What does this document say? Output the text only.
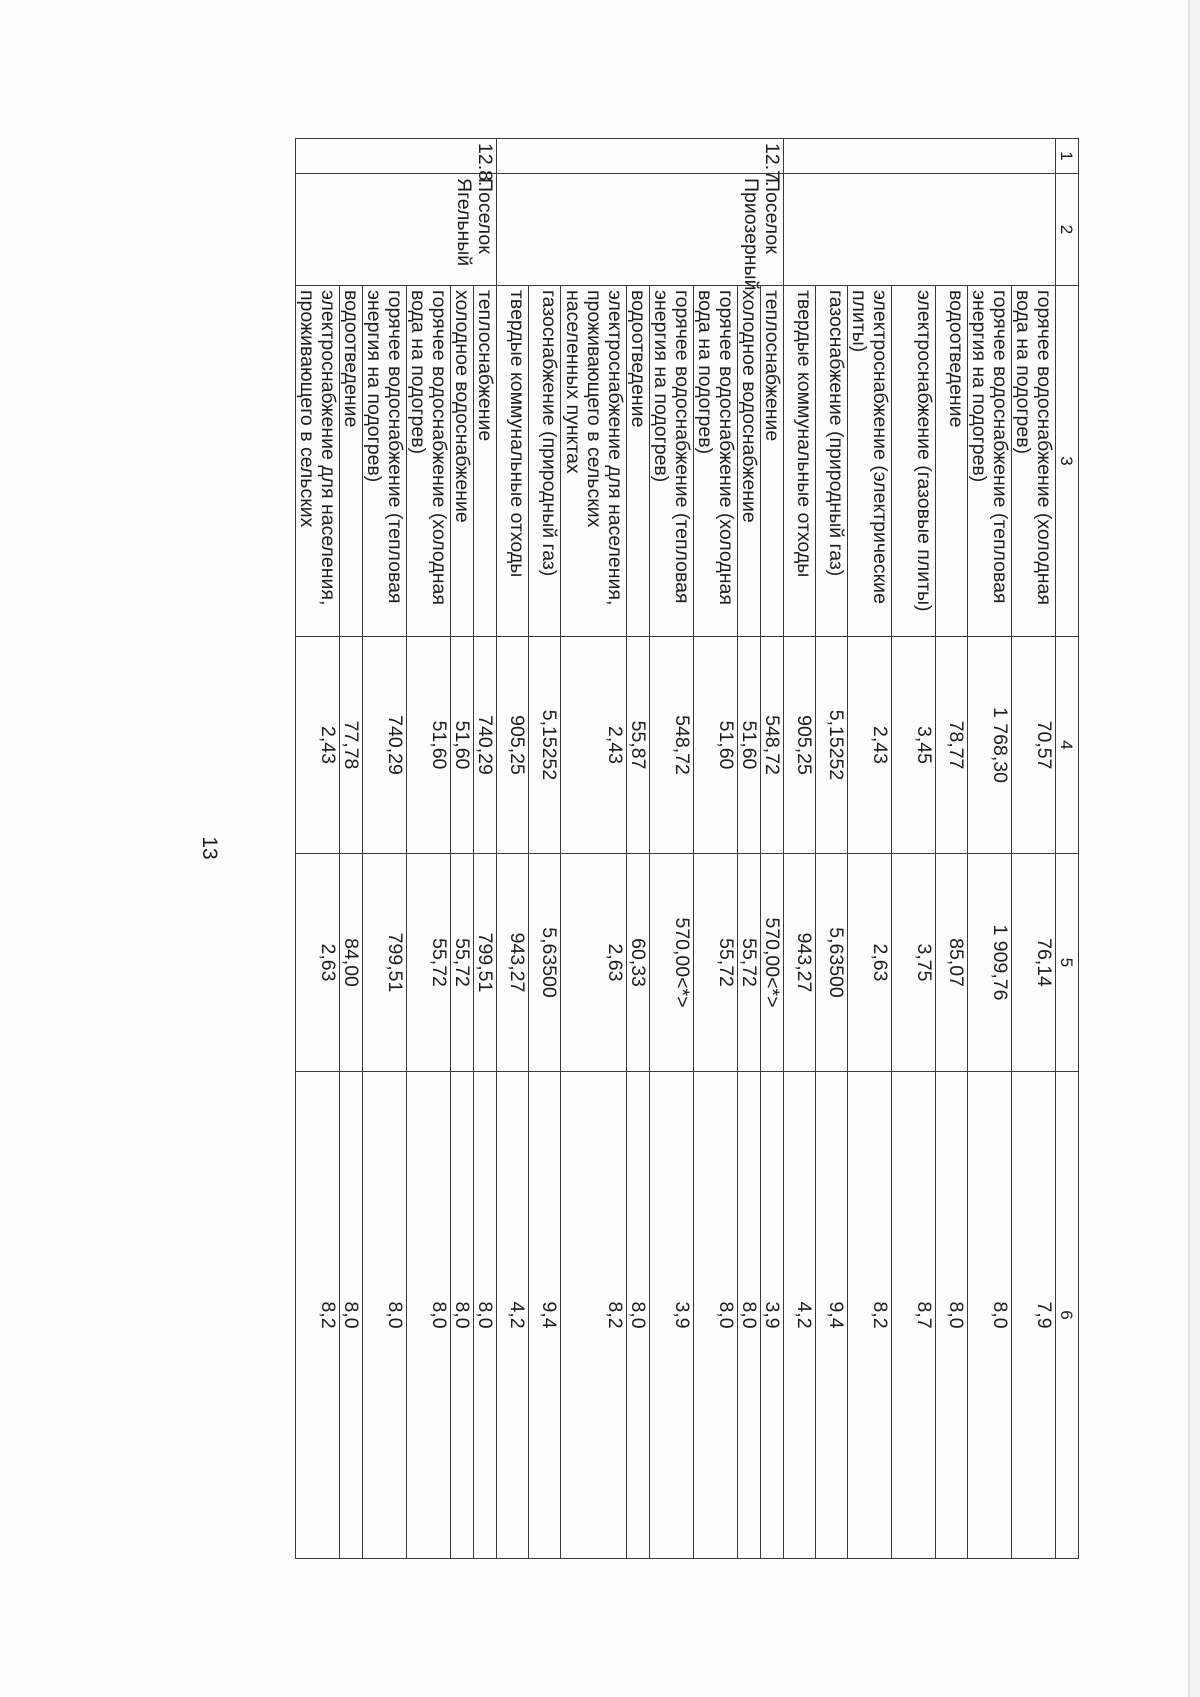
1	2	3	4	5	6
		горячее водоснабжение (холодная вода на подогрев)	70,57	76,14	7,9
		горячее водоснабжение (тепловая энергия на подогрев)	1 768,30	1 909,76	8,0
		водоотведение	78,77	85,07	8,0
		электроснабжение (газовые плиты)	3,45	3,75	8,7
		электроснабжение (электрические плиты)	2,43	2,63	8,2
		газоснабжение (природный газ)	5,15252	5,63500	9,4
		твердые коммунальные отходы	905,25	943,27	4,2
12.7.	Поселок Приозерный	теплоснабжение	548,72	570,00<*>	3,9
		холодное водоснабжение	51,60	55,72	8,0
		горячее водоснабжение (холодная вода на подогрев)	51,60	55,72	8,0
		горячее водоснабжение (тепловая энергия на подогрев)	548,72	570,00<*>	3,9
		водоотведение	55,87	60,33	8,0
		электроснабжение для населения, проживающего в сельских населенных пунктах	2,43	2,63	8,2
		газоснабжение (природный газ)	5,15252	5,63500	9,4
		твердые коммунальные отходы	905,25	943,27	4,2
12.8.	Поселок Ягельный	теплоснабжение	740,29	799,51	8,0
		холодное водоснабжение	51,60	55,72	8,0
		горячее водоснабжение (холодная вода на подогрев)	51,60	55,72	8,0
		горячее водоснабжение (тепловая энергия на подогрев)	740,29	799,51	8,0
		водоотведение	77,78	84,00	8,0
		электроснабжение для населения, проживающего в сельских	2,43	2,63	8,2
13
